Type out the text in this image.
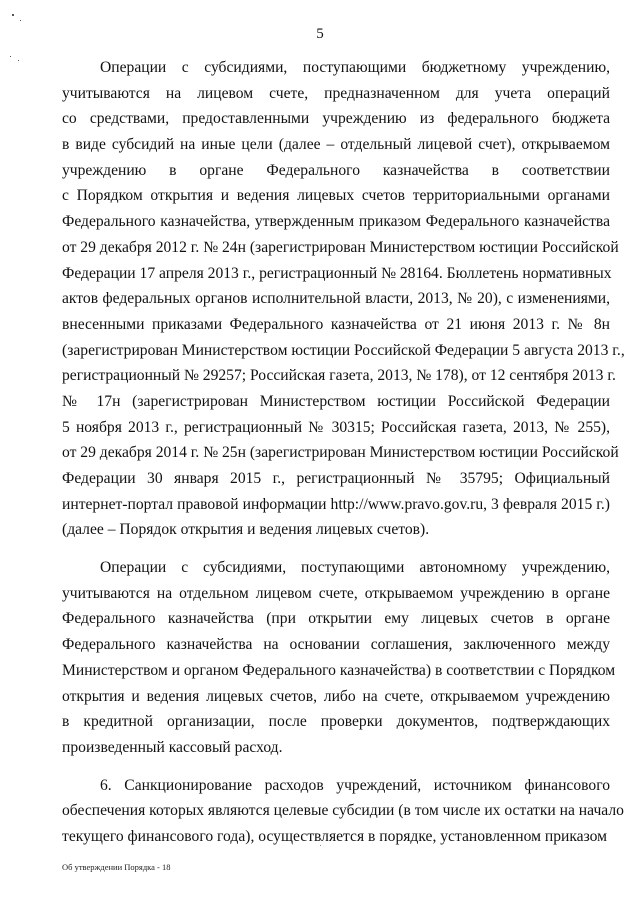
5
Операции с субсидиями, поступающими бюджетному учреждению,
учитываются на лицевом счете, предназначенном для учета операций
со средствами, предоставленными учреждению из федерального бюджета
в виде субсидий на иные цели (далее – отдельный лицевой счет), открываемом
учреждению в органе Федерального казначейства в соответствии
с Порядком открытия и ведения лицевых счетов территориальными органами
Федерального казначейства, утвержденным приказом Федерального казначейства
от 29 декабря 2012 г. № 24н (зарегистрирован Министерством юстиции Российской
Федерации 17 апреля 2013 г., регистрационный № 28164. Бюллетень нормативных
актов федеральных органов исполнительной власти, 2013, № 20), с изменениями,
внесенными приказами Федерального казначейства от 21 июня 2013 г. № 8н
(зарегистрирован Министерством юстиции Российской Федерации 5 августа 2013 г.,
регистрационный № 29257; Российская газета, 2013, № 178), от 12 сентября 2013 г.
№ 17н (зарегистрирован Министерством юстиции Российской Федерации
5 ноября 2013 г., регистрационный № 30315; Российская газета, 2013, № 255),
от 29 декабря 2014 г. № 25н (зарегистрирован Министерством юстиции Российской
Федерации 30 января 2015 г., регистрационный № 35795; Официальный
интернет-портал правовой информации http://www.pravo.gov.ru, 3 февраля 2015 г.)
(далее – Порядок открытия и ведения лицевых счетов).
Операции с субсидиями, поступающими автономному учреждению,
учитываются на отдельном лицевом счете, открываемом учреждению в органе
Федерального казначейства (при открытии ему лицевых счетов в органе
Федерального казначейства на основании соглашения, заключенного между
Министерством и органом Федерального казначейства) в соответствии с Порядком
открытия и ведения лицевых счетов, либо на счете, открываемом учреждению
в кредитной организации, после проверки документов, подтверждающих
произведенный кассовый расход.
6. Санкционирование расходов учреждений, источником финансового
обеспечения которых являются целевые субсидии (в том числе их остатки на начало
текущего финансового года), осуществляется в порядке, установленном приказом
Об утверждении Порядка - 18
